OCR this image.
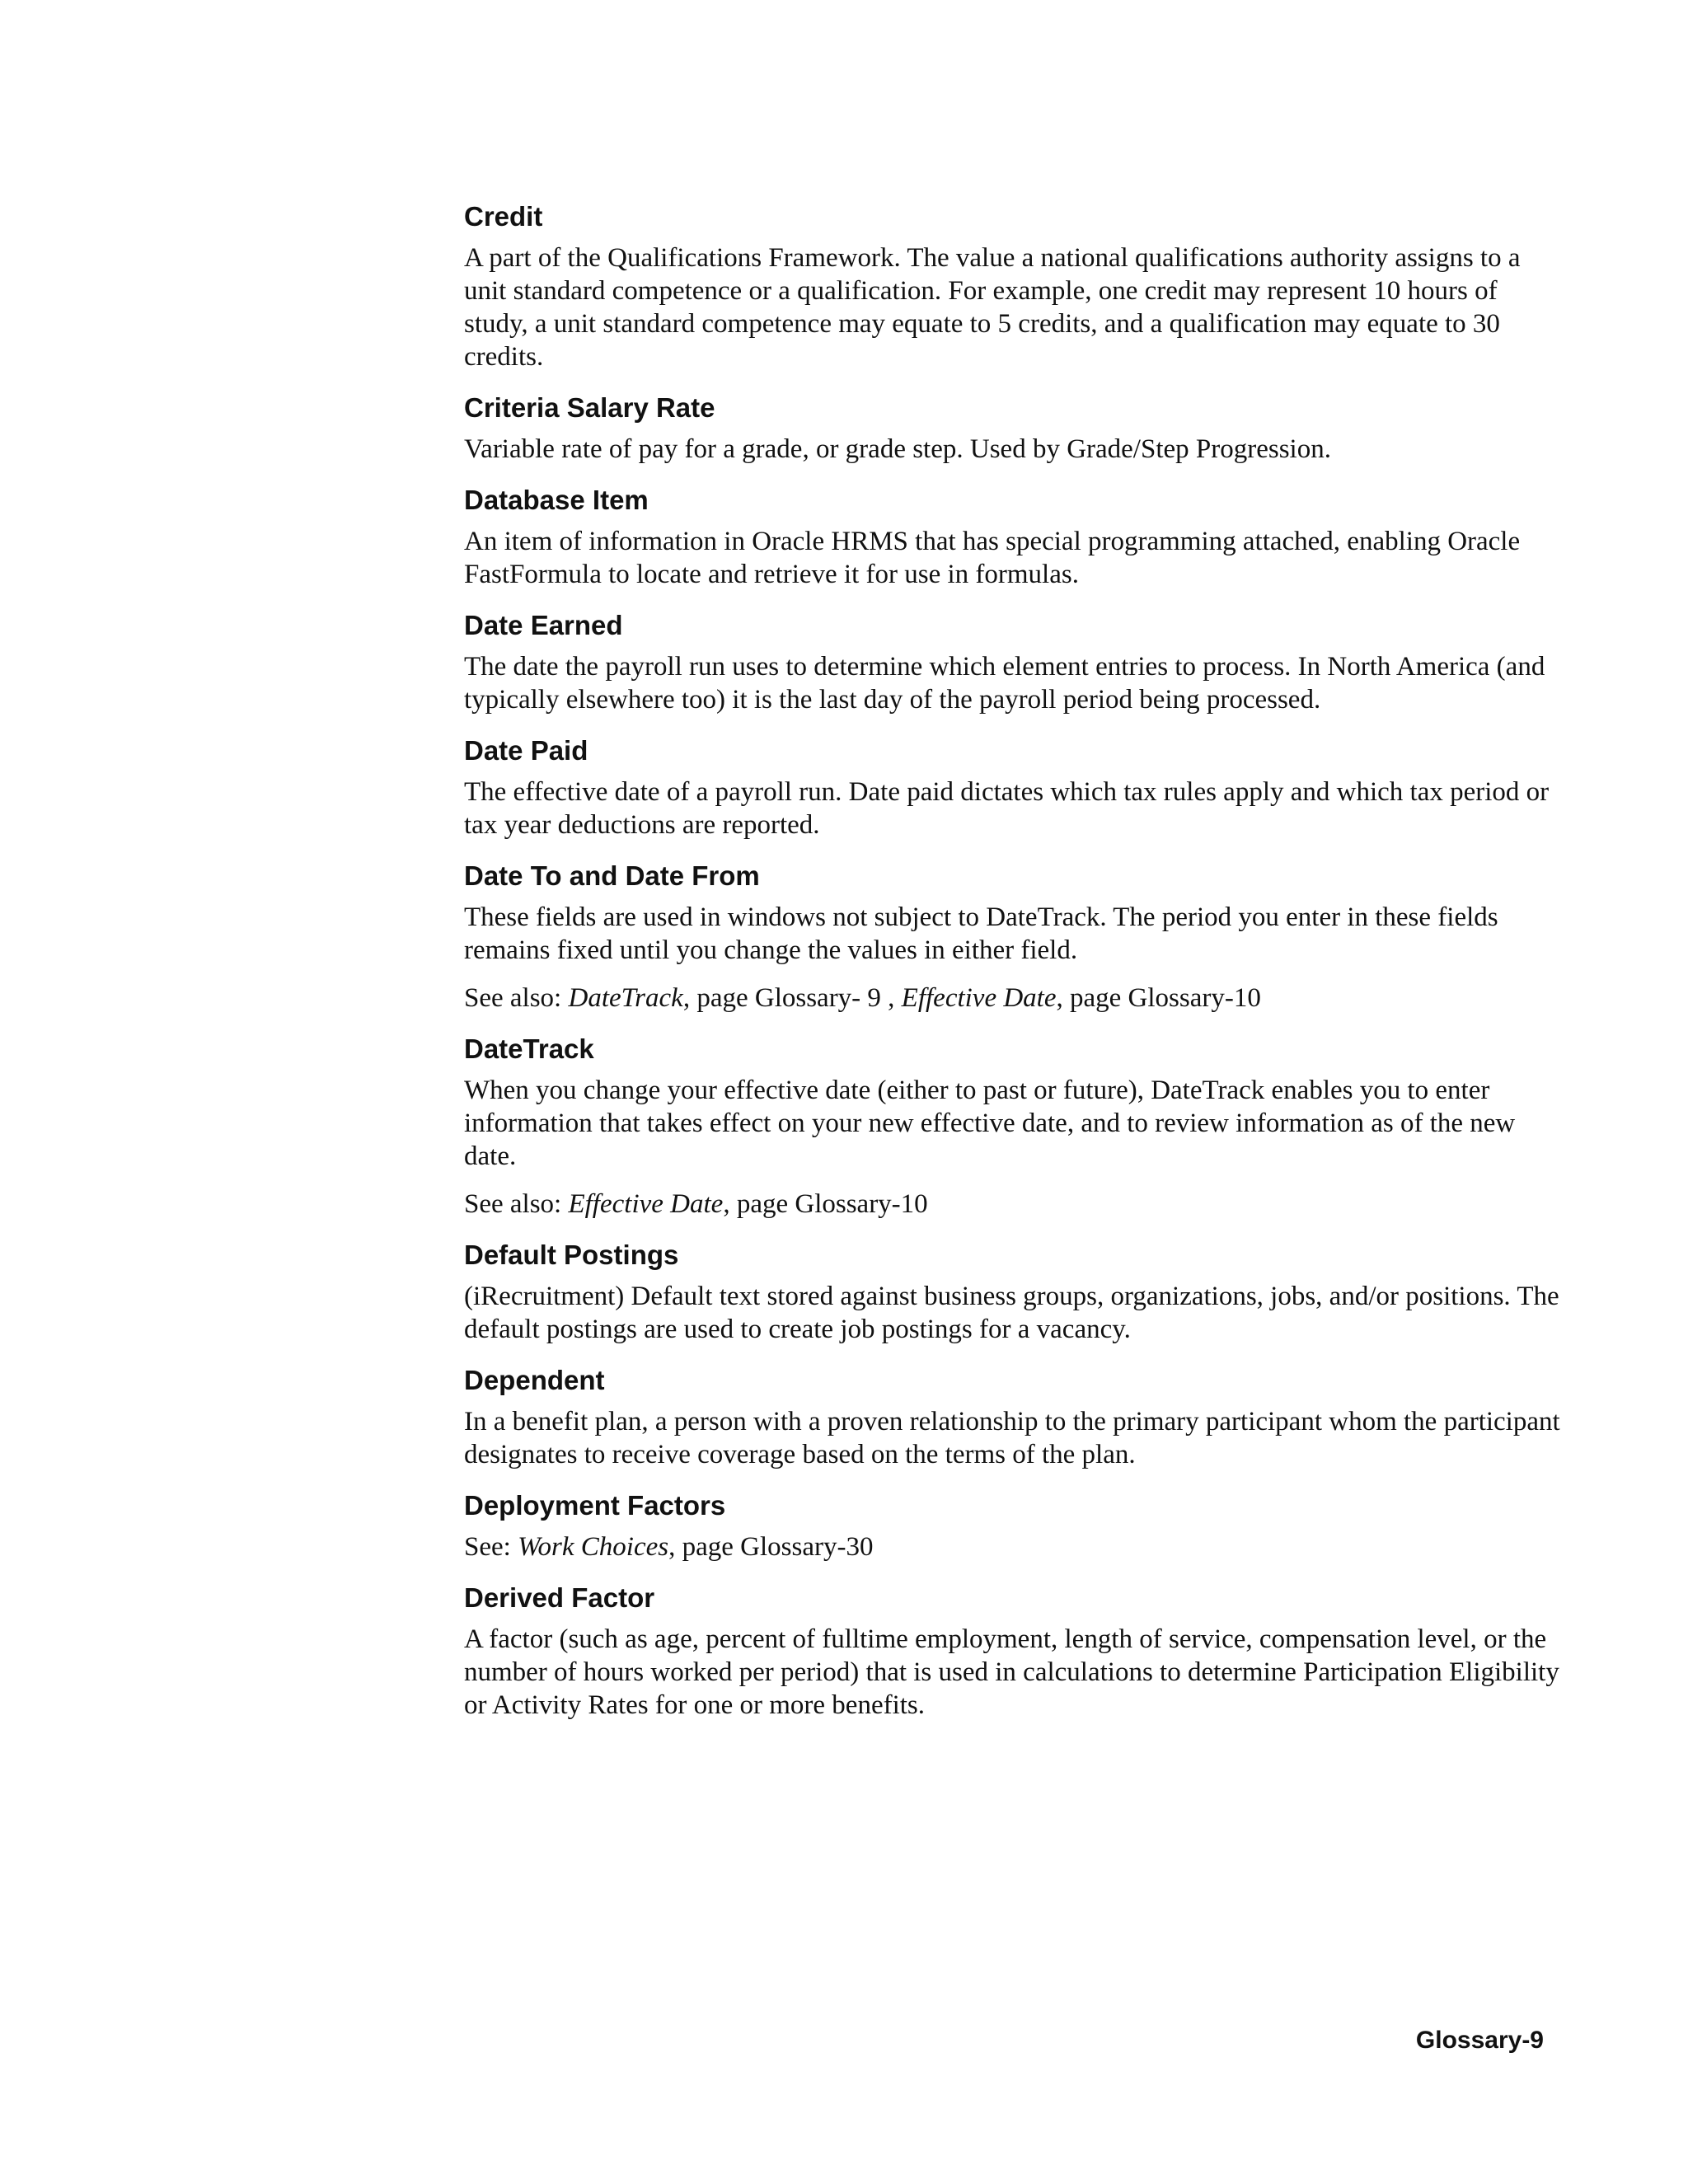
Credit

A part of the Qualifications Framework. The value a national qualifications authority assigns to a unit standard competence or a qualification. For example, one credit may represent 10 hours of study, a unit standard competence may equate to 5 credits, and a qualification may equate to 30 credits.

Criteria Salary Rate

Variable rate of pay for a grade, or grade step. Used by Grade/Step Progression.

Database Item

An item of information in Oracle HRMS that has special programming attached, enabling Oracle FastFormula to locate and retrieve it for use in formulas.

Date Earned

The date the payroll run uses to determine which element entries to process. In North America (and typically elsewhere too) it is the last day of the payroll period being processed.

Date Paid

The effective date of a payroll run. Date paid dictates which tax rules apply and which tax period or tax year deductions are reported.

Date To and Date From

These fields are used in windows not subject to DateTrack. The period you enter in these fields remains fixed until you change the values in either field.

See also: DateTrack, page Glossary- 9 , Effective Date, page Glossary-10

DateTrack

When you change your effective date (either to past or future), DateTrack enables you to enter information that takes effect on your new effective date, and to review information as of the new date.

See also: Effective Date, page Glossary-10

Default Postings

(iRecruitment) Default text stored against business groups, organizations, jobs, and/or positions. The default postings are used to create job postings for a vacancy.

Dependent

In a benefit plan, a person with a proven relationship to the primary participant whom the participant designates to receive coverage based on the terms of the plan.

Deployment Factors

See: Work Choices, page Glossary-30

Derived Factor

A factor (such as age, percent of fulltime employment, length of service, compensation level, or the number of hours worked per period) that is used in calculations to determine Participation Eligibility or Activity Rates for one or more benefits.

Glossary-9
